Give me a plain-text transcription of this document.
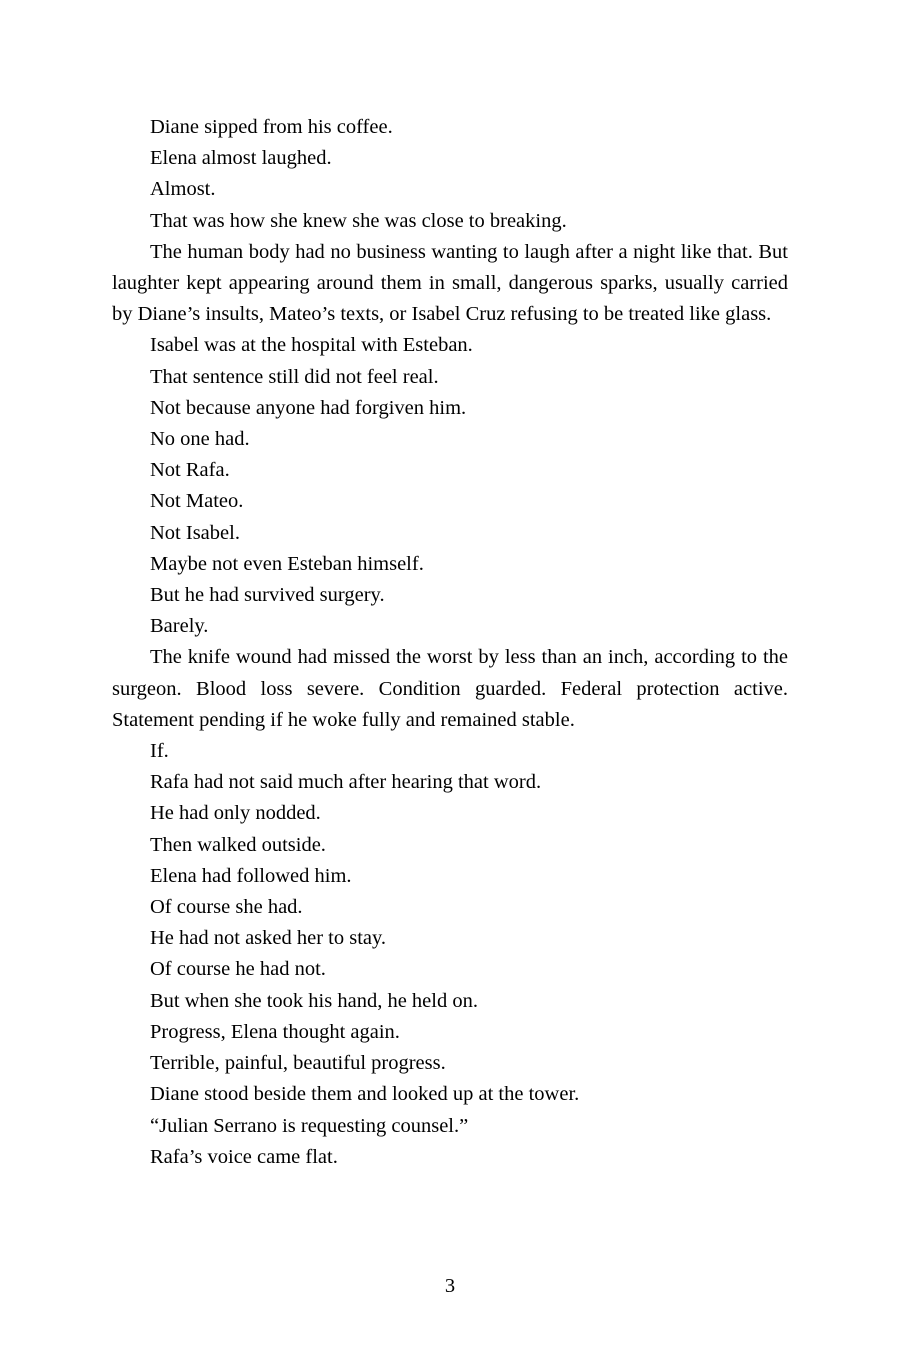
Diane sipped from his coffee.

Elena almost laughed.

Almost.

That was how she knew she was close to breaking.

The human body had no business wanting to laugh after a night like that. But laughter kept appearing around them in small, dangerous sparks, usually carried by Diane’s insults, Mateo’s texts, or Isabel Cruz refusing to be treated like glass.

Isabel was at the hospital with Esteban.

That sentence still did not feel real.

Not because anyone had forgiven him.

No one had.

Not Rafa.

Not Mateo.

Not Isabel.

Maybe not even Esteban himself.

But he had survived surgery.

Barely.

The knife wound had missed the worst by less than an inch, according to the surgeon. Blood loss severe. Condition guarded. Federal protection active. Statement pending if he woke fully and remained stable.

If.

Rafa had not said much after hearing that word.

He had only nodded.

Then walked outside.

Elena had followed him.

Of course she had.

He had not asked her to stay.

Of course he had not.

But when she took his hand, he held on.

Progress, Elena thought again.

Terrible, painful, beautiful progress.

Diane stood beside them and looked up at the tower.

“Julian Serrano is requesting counsel.”

Rafa’s voice came flat.

3
